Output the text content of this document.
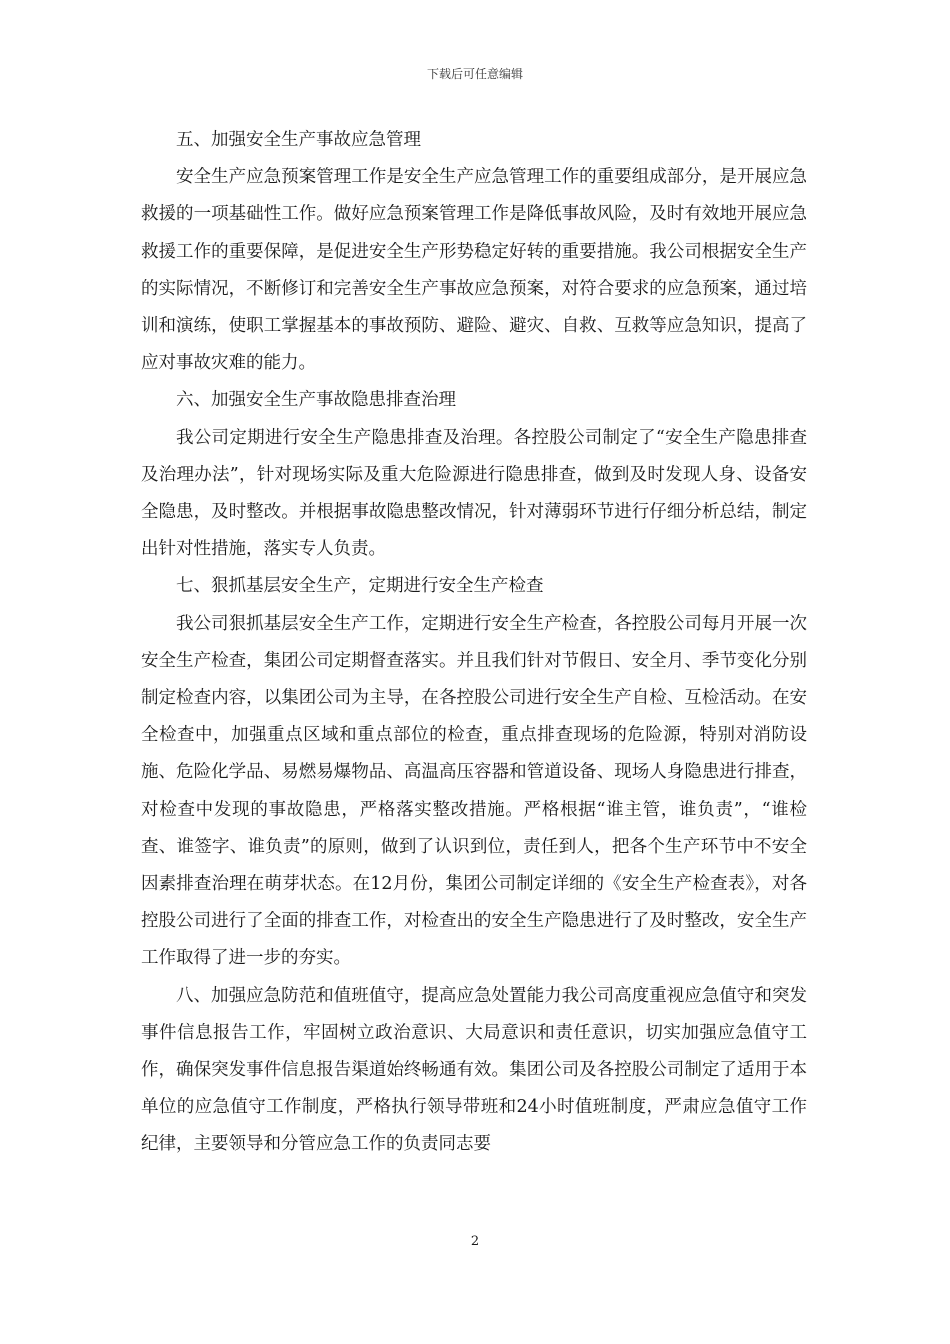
下载后可任意编辑

五、加强安全生产事故应急管理

安全生产应急预案管理工作是安全生产应急管理工作的重要组成部分，是开展应急救援的一项基础性工作。做好应急预案管理工作是降低事故风险，及时有效地开展应急救援工作的重要保障，是促进安全生产形势稳定好转的重要措施。我公司根据安全生产的实际情况，不断修订和完善安全生产事故应急预案，对符合要求的应急预案，通过培训和演练，使职工掌握基本的事故预防、避险、避灾、自救、互救等应急知识，提高了应对事故灾难的能力。

六、加强安全生产事故隐患排查治理

我公司定期进行安全生产隐患排查及治理。各控股公司制定了“安全生产隐患排查及治理办法”，针对现场实际及重大危险源进行隐患排查，做到及时发现人身、设备安全隐患，及时整改。并根据事故隐患整改情况，针对薄弱环节进行仔细分析总结，制定出针对性措施，落实专人负责。

七、狠抓基层安全生产，定期进行安全生产检查

我公司狠抓基层安全生产工作，定期进行安全生产检查，各控股公司每月开展一次安全生产检查，集团公司定期督查落实。并且我们针对节假日、安全月、季节变化分别制定检查内容，以集团公司为主导，在各控股公司进行安全生产自检、互检活动。在安全检查中，加强重点区域和重点部位的检查，重点排查现场的危险源，特别对消防设施、危险化学品、易燃易爆物品、高温高压容器和管道设备、现场人身隐患进行排查，对检查中发现的事故隐患，严格落实整改措施。严格根据“谁主管，谁负责”，“谁检查、谁签字、谁负责”的原则，做到了认识到位，责任到人，把各个生产环节中不安全因素排查治理在萌芽状态。在12月份，集团公司制定详细的《安全生产检查表》，对各控股公司进行了全面的排查工作，对检查出的安全生产隐患进行了及时整改，安全生产工作取得了进一步的夯实。

八、加强应急防范和值班值守，提高应急处置能力我公司高度重视应急值守和突发事件信息报告工作，牢固树立政治意识、大局意识和责任意识，切实加强应急值守工作，确保突发事件信息报告渠道始终畅通有效。集团公司及各控股公司制定了适用于本单位的应急值守工作制度，严格执行领导带班和24小时值班制度，严肃应急值守工作纪律，主要领导和分管应急工作的负责同志要

2
